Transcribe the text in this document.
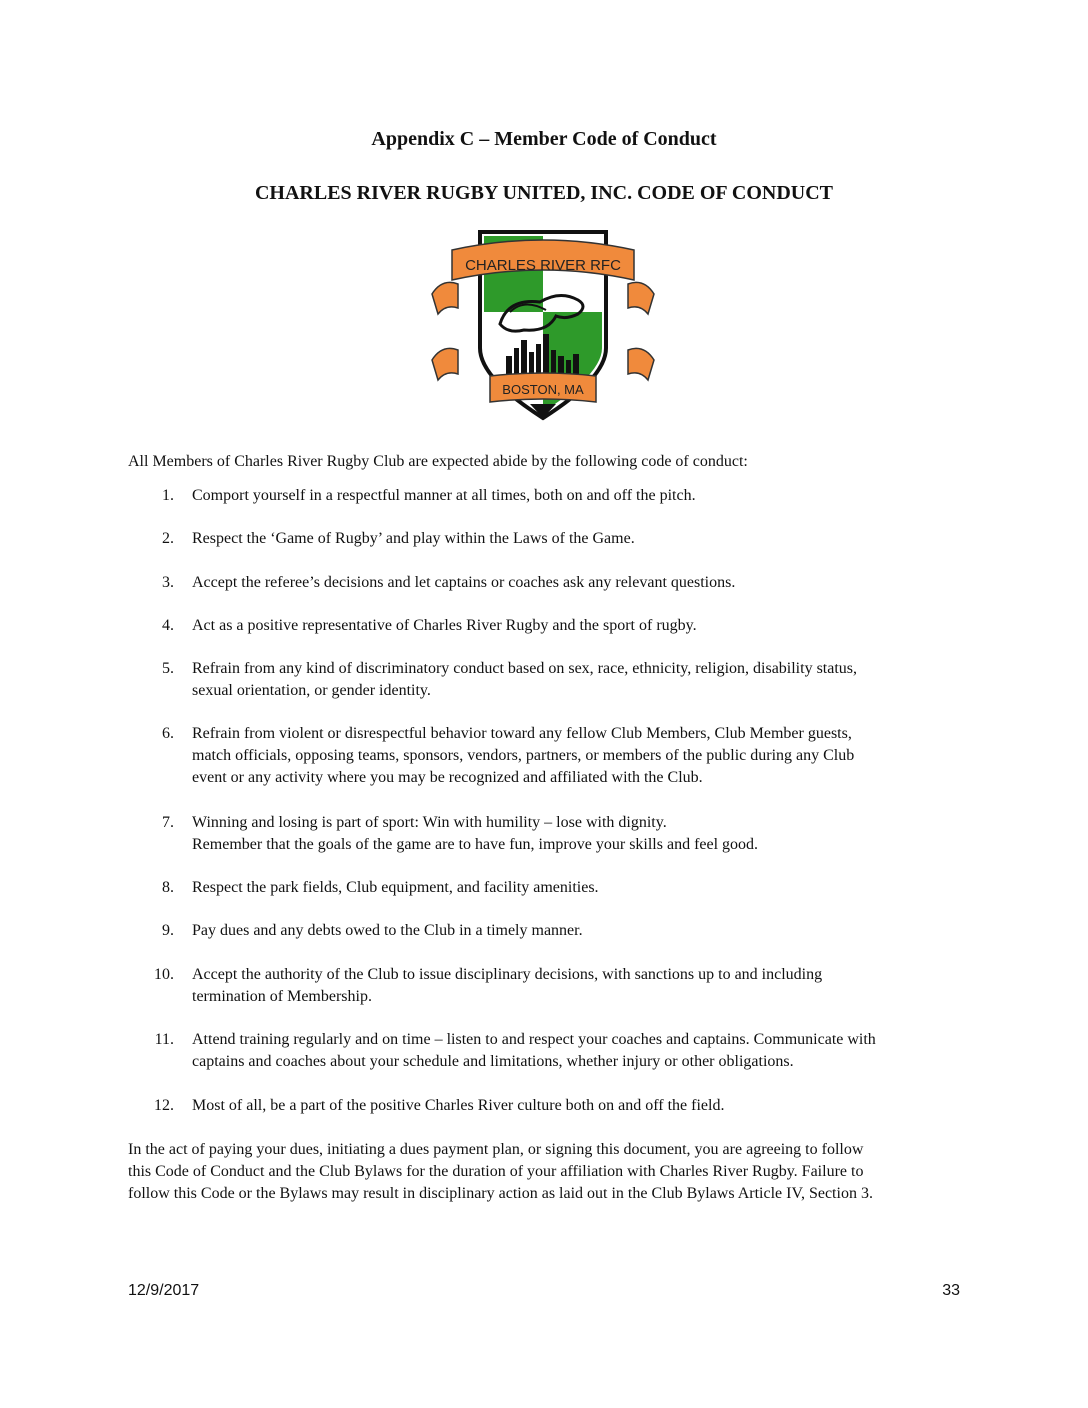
Appendix C – Member Code of Conduct
CHARLES RIVER RUGBY UNITED, INC. CODE OF CONDUCT
CHARLES RIVER RFC
BOSTON, MA
All Members of Charles River Rugby Club are expected abide by the following code of conduct:
1. Comport yourself in a respectful manner at all times, both on and off the pitch.
2. Respect the ‘Game of Rugby’ and play within the Laws of the Game.
3. Accept the referee’s decisions and let captains or coaches ask any relevant questions.
4. Act as a positive representative of Charles River Rugby and the sport of rugby.
5. Refrain from any kind of discriminatory conduct based on sex, race, ethnicity, religion, disability status,
sexual orientation, or gender identity.
6. Refrain from violent or disrespectful behavior toward any fellow Club Members, Club Member guests,
match officials, opposing teams, sponsors, vendors, partners, or members of the public during any Club
event or any activity where you may be recognized and affiliated with the Club.
7. Winning and losing is part of sport: Win with humility – lose with dignity.
Remember that the goals of the game are to have fun, improve your skills and feel good.
8. Respect the park fields, Club equipment, and facility amenities.
9. Pay dues and any debts owed to the Club in a timely manner.
10. Accept the authority of the Club to issue disciplinary decisions, with sanctions up to and including
termination of Membership.
11. Attend training regularly and on time – listen to and respect your coaches and captains. Communicate with
captains and coaches about your schedule and limitations, whether injury or other obligations.
12. Most of all, be a part of the positive Charles River culture both on and off the field.
In the act of paying your dues, initiating a dues payment plan, or signing this document, you are agreeing to follow
this Code of Conduct and the Club Bylaws for the duration of your affiliation with Charles River Rugby. Failure to
follow this Code or the Bylaws may result in disciplinary action as laid out in the Club Bylaws Article IV, Section 3.
12/9/2017	33
